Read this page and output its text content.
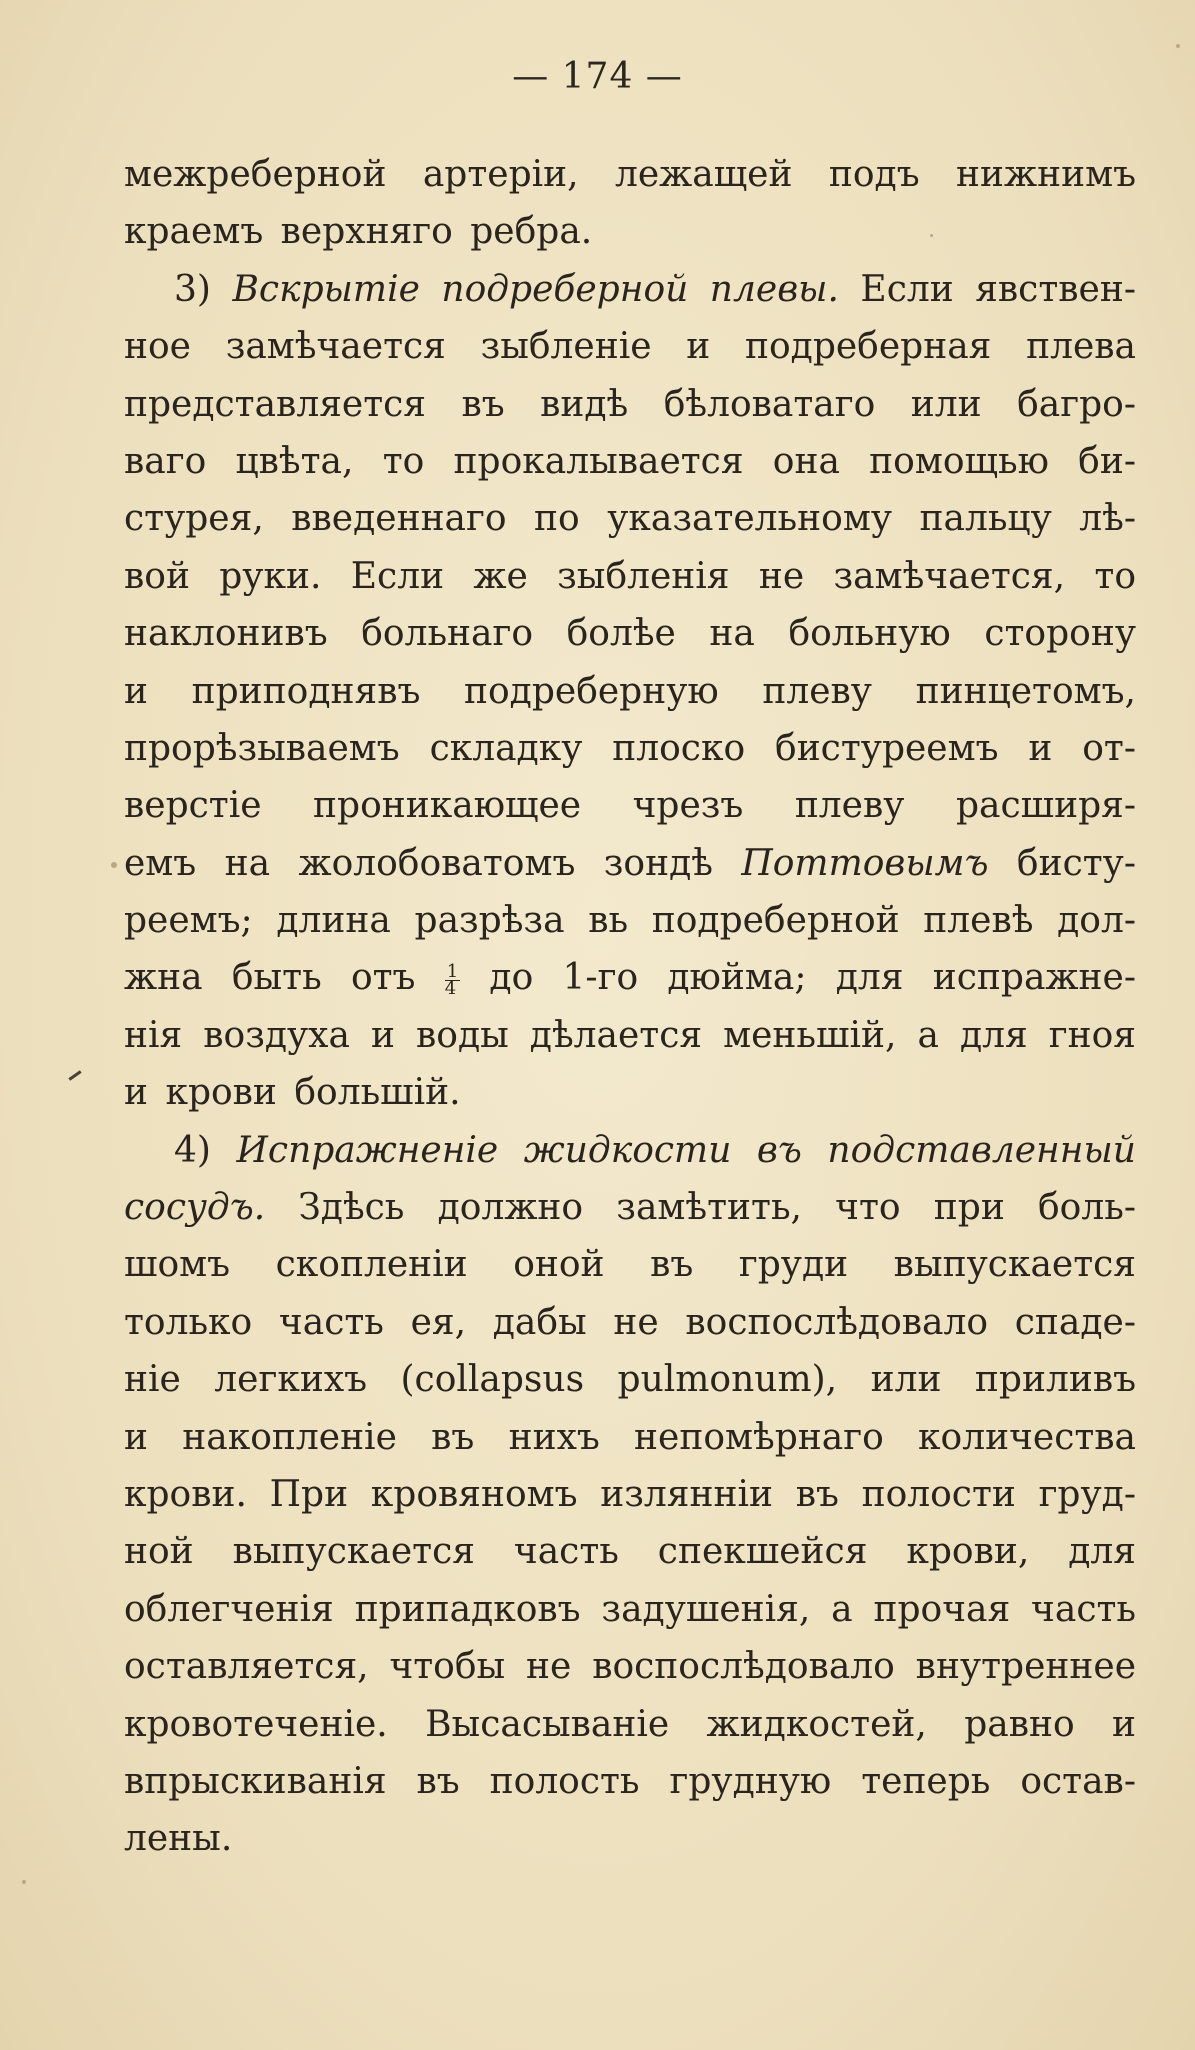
— 174 —
межреберной артерiи, лежащей подъ нижнимъ
краемъ верхняго ребра.
3) Вскрытiе подреберной плевы. Если явствен-
ное замѣчается зыбленiе и подреберная плева
представляется въ видѣ бѣловатаго или багро-
ваго цвѣта, то прокалывается она помощью би-
стурея, введеннаго по указательному пальцу лѣ-
вой руки. Если же зыбленiя не замѣчается, то
наклонивъ больнаго болѣе на больную сторону
и приподнявъ подреберную плеву пинцетомъ,
прорѣзываемъ складку плоско бистуреемъ и от-
верстiе проникающее чрезъ плеву расширя-
емъ на жолобоватомъ зондѣ Поттовымъ бисту-
реемъ; длина разрѣза вь подреберной плевѣ дол-
жна быть отъ $\frac{1}{4}$ до 1-го дюйма; для испражне-
нiя воздуха и воды дѣлается меньшiй, а для гноя
и крови большiй.
4) Испражненiе жидкости въ подставленный
сосудъ. Здѣсь должно замѣтить, что при боль-
шомъ скопленiи оной въ груди выпускается
только часть ея, дабы не воспослѣдовало спаде-
нiе легкихъ (collapsus pulmonum), или приливъ
и накопленiе въ нихъ непомѣрнаго количества
крови. При кровяномъ изляннiи въ полости груд-
ной выпускается часть спекшейся крови, для
облегченiя припадковъ задушенiя, а прочая часть
оставляется, чтобы не воспослѣдовало внутреннее
кровотеченiе. Высасыванiе жидкостей, равно и
впрыскиванiя въ полость грудную теперь остав-
лены.
